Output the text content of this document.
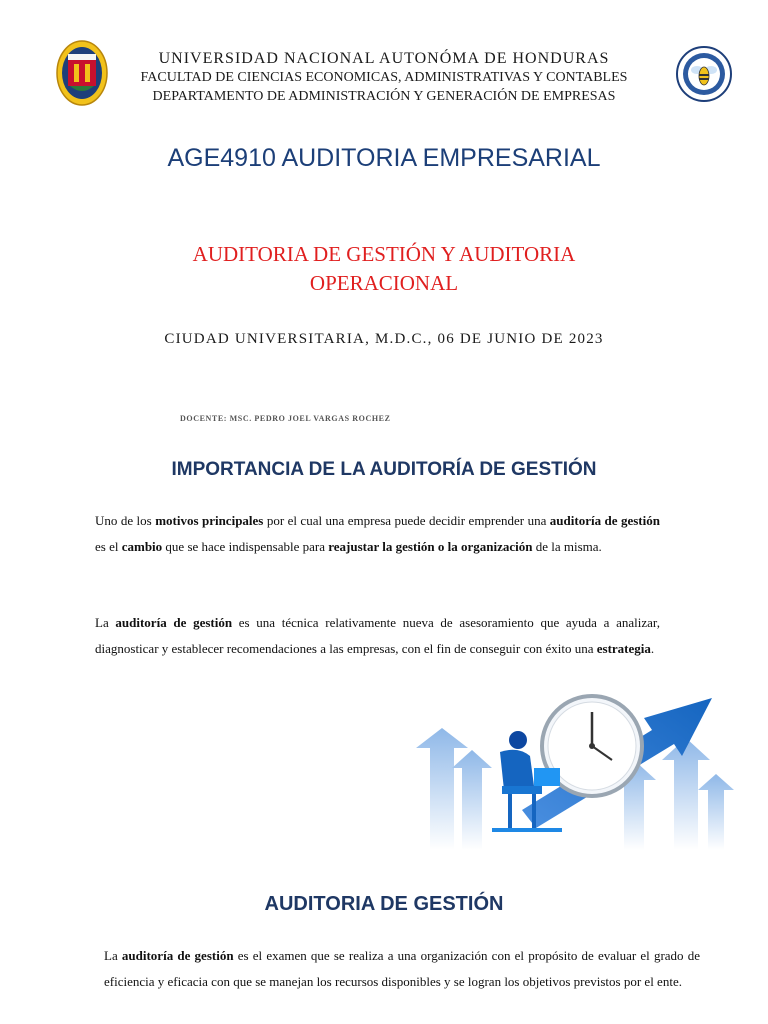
UNIVERSIDAD NACIONAL AUTONÓMA DE HONDURAS
FACULTAD DE CIENCIAS ECONOMICAS, ADMINISTRATIVAS Y CONTABLES
DEPARTAMENTO DE ADMINISTRACIÓN Y GENERACIÓN DE EMPRESAS
AGE4910 AUDITORIA EMPRESARIAL
AUDITORIA DE GESTIÓN Y AUDITORIA
OPERACIONAL
CIUDAD UNIVERSITARIA, M.D.C., 06 DE JUNIO DE 2023
DOCENTE: MSC. PEDRO JOEL VARGAS ROCHEZ
IMPORTANCIA DE LA AUDITORÍA DE GESTIÓN
Uno de los motivos principales por el cual una empresa puede decidir emprender una auditoría de gestión es el cambio que se hace indispensable para reajustar la gestión o la organización de la misma.
La auditoría de gestión es una técnica relativamente nueva de asesoramiento que ayuda a analizar, diagnosticar y establecer recomendaciones a las empresas, con el fin de conseguir con éxito una estrategia.
AUDITORIA DE GESTIÓN
La auditoría de gestión es el examen que se realiza a una organización con el propósito de evaluar el grado de eficiencia y eficacia con que se manejan los recursos disponibles y se logran los objetivos previstos por el ente.
